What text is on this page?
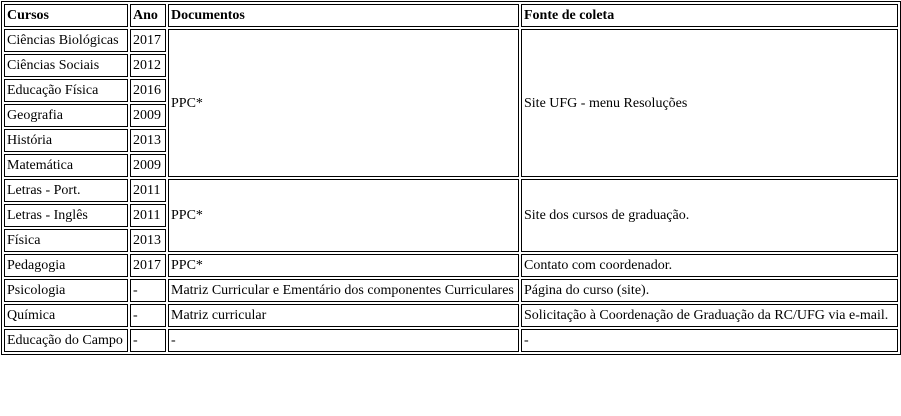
Cursos	Ano	Documentos	Fonte de coleta
Ciências Biológicas	2017	PPC*	Site UFG - menu Resoluções
Ciências Sociais	2012		
Educação Física	2016		
Geografia	2009		
História	2013		
Matemática	2009		
Letras - Port.	2011	PPC*	Site dos cursos de graduação.
Letras - Inglês	2011		
Física	2013		
Pedagogia	2017	PPC*	Contato com coordenador.
Psicologia	-	Matriz Curricular e Ementário dos componentes Curriculares	Página do curso (site).
Química	-	Matriz curricular	Solicitação à Coordenação de Graduação da RC/UFG via e-mail.
Educação do Campo	-	-	-
